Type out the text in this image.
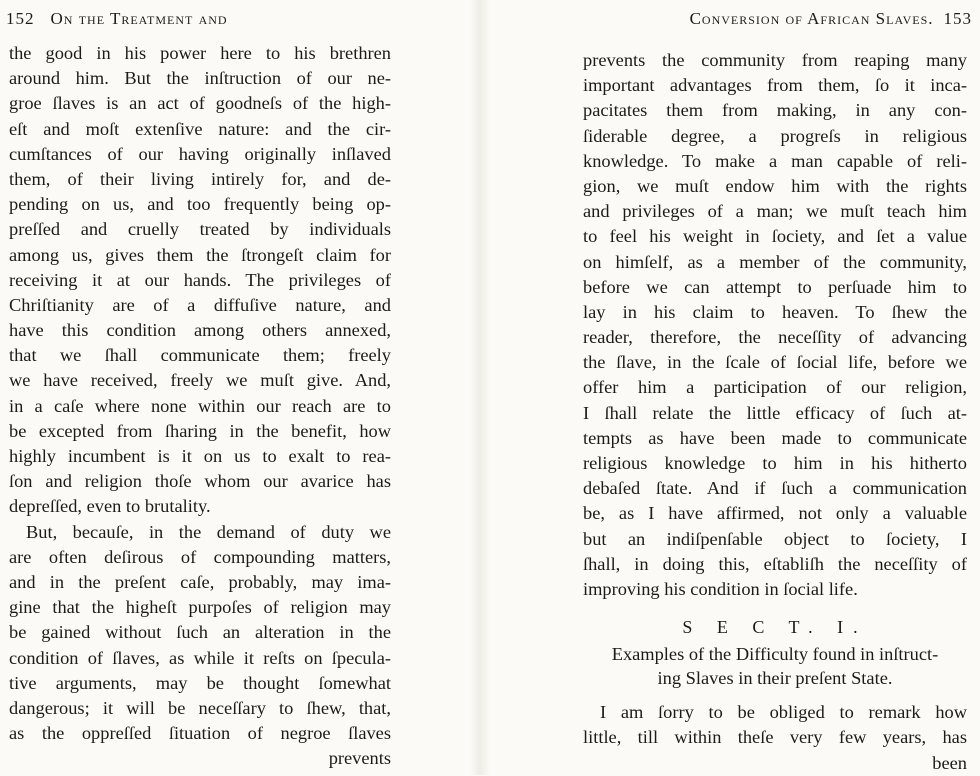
152 On the Treatment and
the good in his power here to his brethren
around him. But the inſtruction of our ne-
groe ſlaves is an act of goodneſs of the high-
eſt and moſt extenſive nature: and the cir-
cumſtances of our having originally inſlaved
them, of their living intirely for, and de-
pending on us, and too frequently being op-
preſſed and cruelly treated by individuals
among us, gives them the ſtrongeſt claim for
receiving it at our hands. The privileges of
Chriſtianity are of a diffuſive nature, and
have this condition among others annexed,
that we ſhall communicate them; freely
we have received, freely we muſt give. And,
in a caſe where none within our reach are to
be excepted from ſharing in the benefit, how
highly incumbent is it on us to exalt to rea-
ſon and religion thoſe whom our avarice has
depreſſed, even to brutality.
But, becauſe, in the demand of duty we
are often deſirous of compounding matters,
and in the preſent caſe, probably, may ima-
gine that the higheſt purpoſes of religion may
be gained without ſuch an alteration in the
condition of ſlaves, as while it reſts on ſpecula-
tive arguments, may be thought ſomewhat
dangerous; it will be neceſſary to ſhew, that,
as the oppreſſed ſituation of negroe ſlaves
prevents
Conversion of African Slaves. 153
prevents the community from reaping many
important advantages from them, ſo it inca-
pacitates them from making, in any con-
ſiderable degree, a progreſs in religious
knowledge. To make a man capable of reli-
gion, we muſt endow him with the rights
and privileges of a man; we muſt teach him
to feel his weight in ſociety, and ſet a value
on himſelf, as a member of the community,
before we can attempt to perſuade him to
lay in his claim to heaven. To ſhew the
reader, therefore, the neceſſity of advancing
the ſlave, in the ſcale of ſocial life, before we
offer him a participation of our religion,
I ſhall relate the little efficacy of ſuch at-
tempts as have been made to communicate
religious knowledge to him in his hitherto
debaſed ſtate. And if ſuch a communication
be, as I have affirmed, not only a valuable
but an indiſpenſable object to ſociety, I
ſhall, in doing this, eſtabliſh the neceſſity of
improving his condition in ſocial life.
S E C T. I.
Examples of the Difficulty found in inſtruct-
ing Slaves in their preſent State.
I am ſorry to be obliged to remark how
little, till within theſe very few years, has
been
